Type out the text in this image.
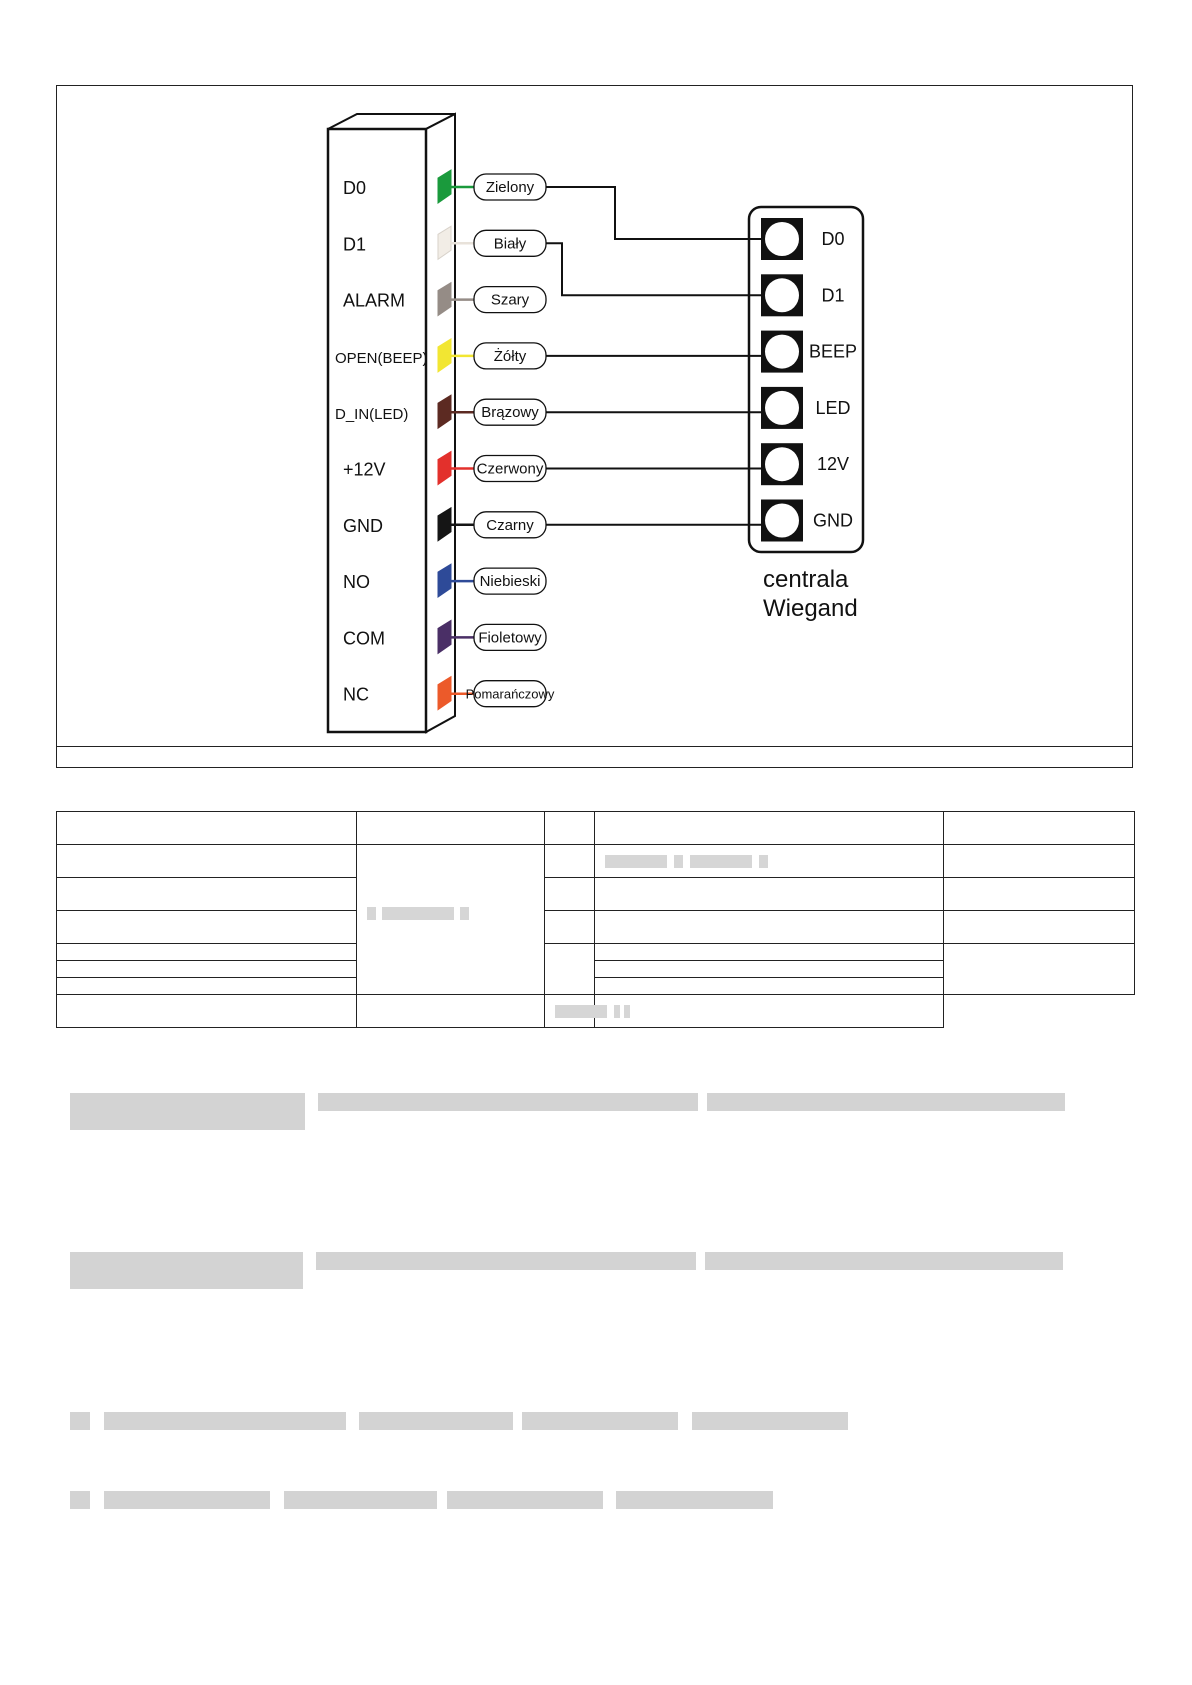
D0	Zielony
D1	Biały
ALARM	Szary
OPEN(BEEP)	Żółty
D_IN(LED)	Brązowy
+12V	Czerwony
GND	Czarny
NO	Niebieski
COM	Fioletowy
NC	Pomarańczowy
D0
D1
BEEP
LED
12V
GND
centrala
Wiegand
